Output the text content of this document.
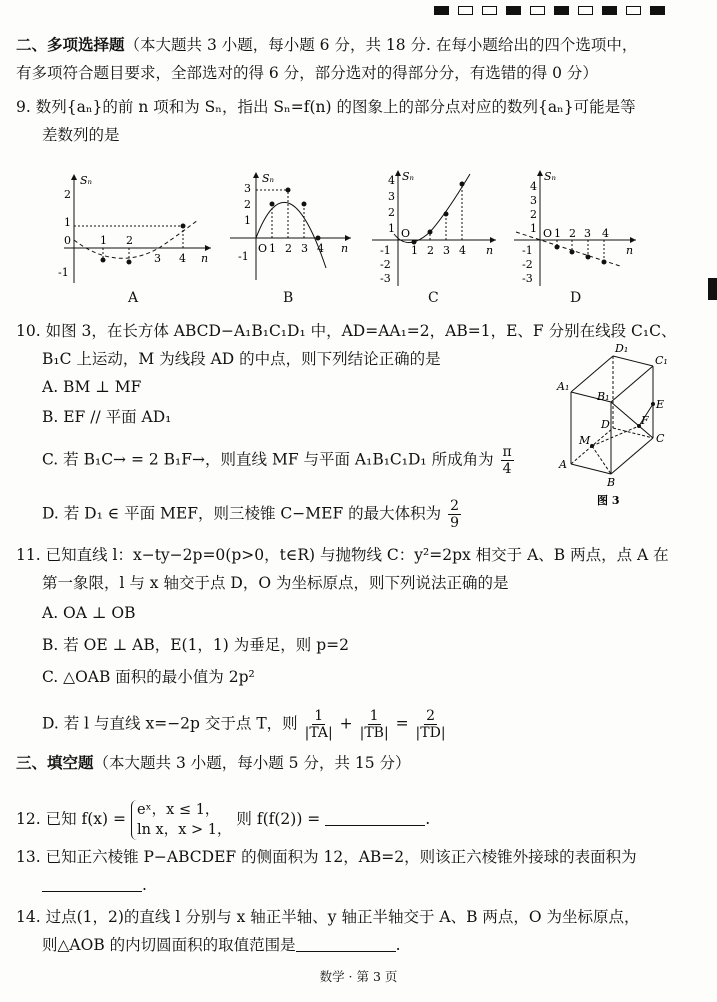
二、多项选择题（本大题共 3 小题，每小题 6 分，共 18 分. 在每小题给出的四个选项中，
有多项符合题目要求，全部选对的得 6 分，部分选对的得部分分，有选错的得 0 分）
9. 数列{aₙ}的前 n 项和为 Sₙ，指出 Sₙ=f(n) 的图象上的部分点对应的数列{aₙ}可能是等
差数列的是
Sₙ
n
2
1
0
-1
1 2
3 4
A
Sₙ
n
3
2
1
-1
O 1 2 3 4
B
Sₙ
n
4
3
2
1
-1
-2
-3
O
1 2 3 4
C
Sₙ
n
4
3
2
1
-1
-2
-3
O 1 2 3 4
D
10. 如图 3，在长方体 ABCD−A₁B₁C₁D₁ 中，AD=AA₁=2，AB=1，E、F 分别在线段 C₁C、
B₁C 上运动，M 为线段 AD 的中点，则下列结论正确的是
A. BM ⊥ MF
B. EF // 平面 AD₁
C. 若 B₁C→ = 2 B₁F→，则直线 MF 与平面 A₁B₁C₁D₁ 所成角为 $\frac{\pi}{4}$
D. 若 D₁ ∈ 平面 MEF，则三棱锥 C−MEF 的最大体积为 $\frac{2}{9}$
D₁
C₁
A₁
B₁
E
D	F
M	C
A
B
图 3
11. 已知直线 l：x−ty−2p=0(p>0，t∈R) 与抛物线 C：y²=2px 相交于 A、B 两点，点 A 在
第一象限，l 与 x 轴交于点 D，O 为坐标原点，则下列说法正确的是
A. OA ⊥ OB
B. 若 OE ⊥ AB，E(1，1) 为垂足，则 p=2
C. △OAB 面积的最小值为 2p²
D. 若 l 与直线 x=−2p 交于点 T，则 $\frac{1}{|TA|} + \frac{1}{|TB|} = \frac{2}{|TD|}$
三、填空题（本大题共 3 小题，每小题 5 分，共 15 分）
12. 已知 f(x) = eˣ，x ≤ 1，
ln x，x > 1，
则 f(f(2)) =	.
13. 已知正六棱锥 P−ABCDEF 的侧面积为 12，AB=2，则该正六棱锥外接球的表面积为
.
14. 过点(1，2)的直线 l 分别与 x 轴正半轴、y 轴正半轴交于 A、B 两点，O 为坐标原点，
则△AOB 的内切圆面积的取值范围是	.
数学 · 第 3 页
